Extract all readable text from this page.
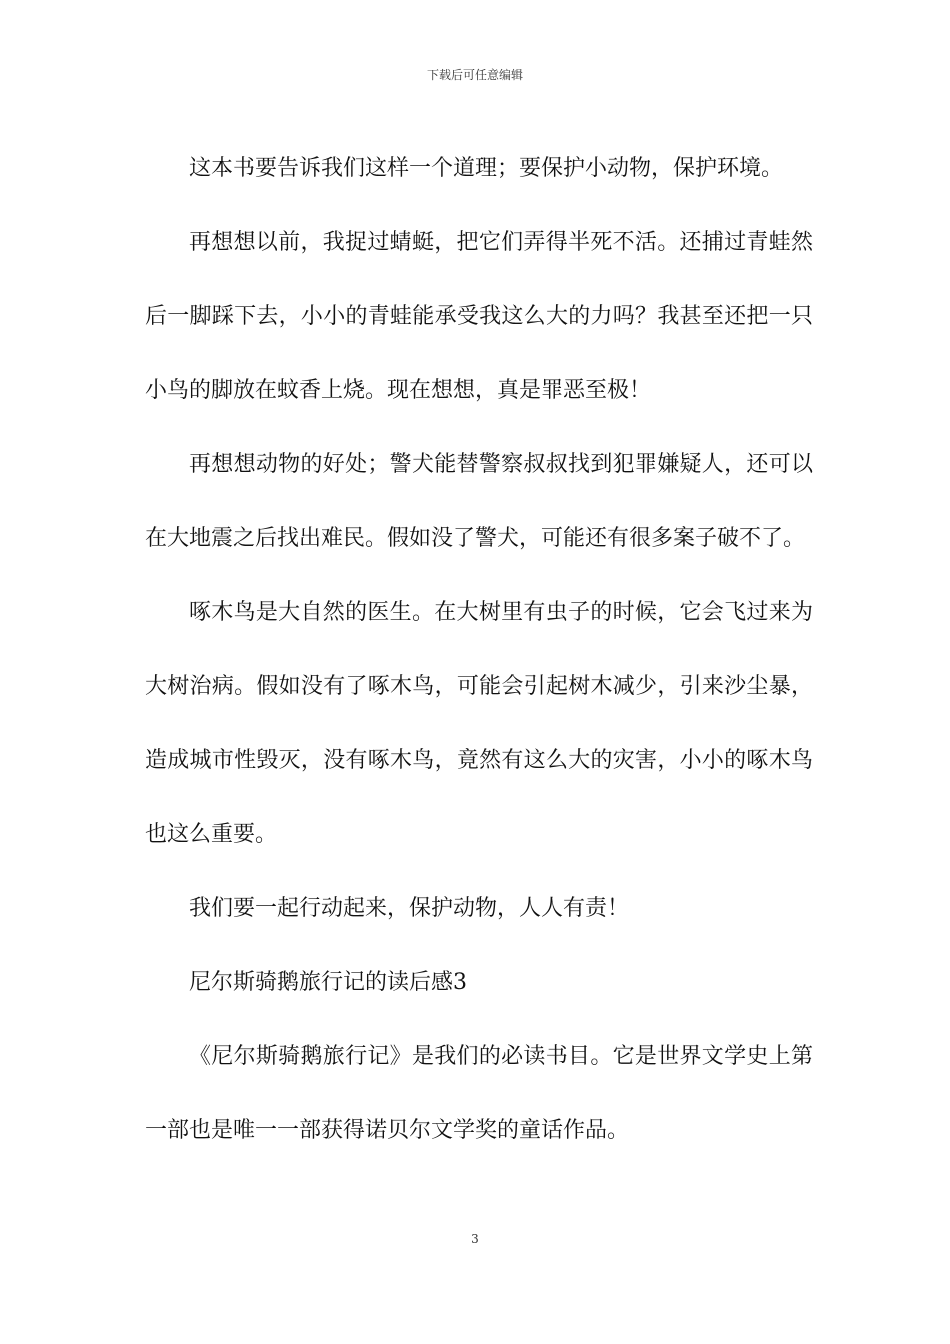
下载后可任意编辑

这本书要告诉我们这样一个道理；要保护小动物，保护环境。

再想想以前，我捉过蜻蜓，把它们弄得半死不活。还捕过青蛙然后一脚踩下去，小小的青蛙能承受我这么大的力吗？我甚至还把一只小鸟的脚放在蚊香上烧。现在想想，真是罪恶至极！

再想想动物的好处；警犬能替警察叔叔找到犯罪嫌疑人，还可以在大地震之后找出难民。假如没了警犬，可能还有很多案子破不了。

啄木鸟是大自然的医生。在大树里有虫子的时候，它会飞过来为大树治病。假如没有了啄木鸟，可能会引起树木减少，引来沙尘暴，造成城市性毁灭，没有啄木鸟，竟然有这么大的灾害，小小的啄木鸟也这么重要。

我们要一起行动起来，保护动物，人人有责！

尼尔斯骑鹅旅行记的读后感3

《尼尔斯骑鹅旅行记》是我们的必读书目。它是世界文学史上第一部也是唯一一部获得诺贝尔文学奖的童话作品。

3
